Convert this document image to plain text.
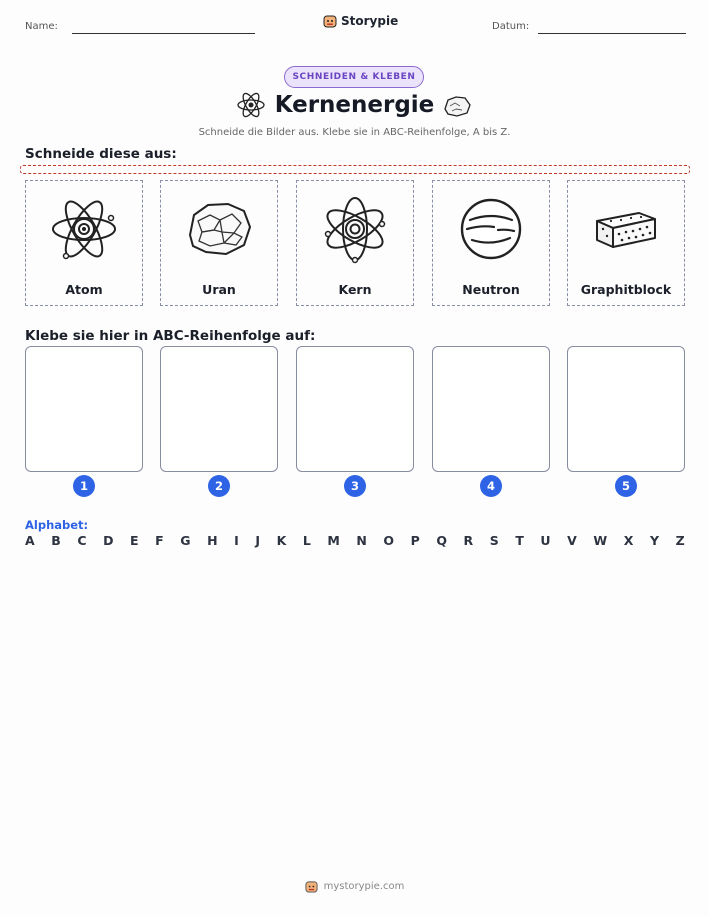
Name:	Storypie	Datum:
SCHNEIDEN & KLEBEN
Kernenergie
Schneide die Bilder aus. Klebe sie in ABC-Reihenfolge, A bis Z.
Schneide diese aus:
Atom	Uran	Kern	Neutron	Graphitblock
Klebe sie hier in ABC-Reihenfolge auf:
1	2	3	4	5
Alphabet:
A B C D E F G H I J K L M N O P Q R S T U V W X Y Z
mystorypie.com
